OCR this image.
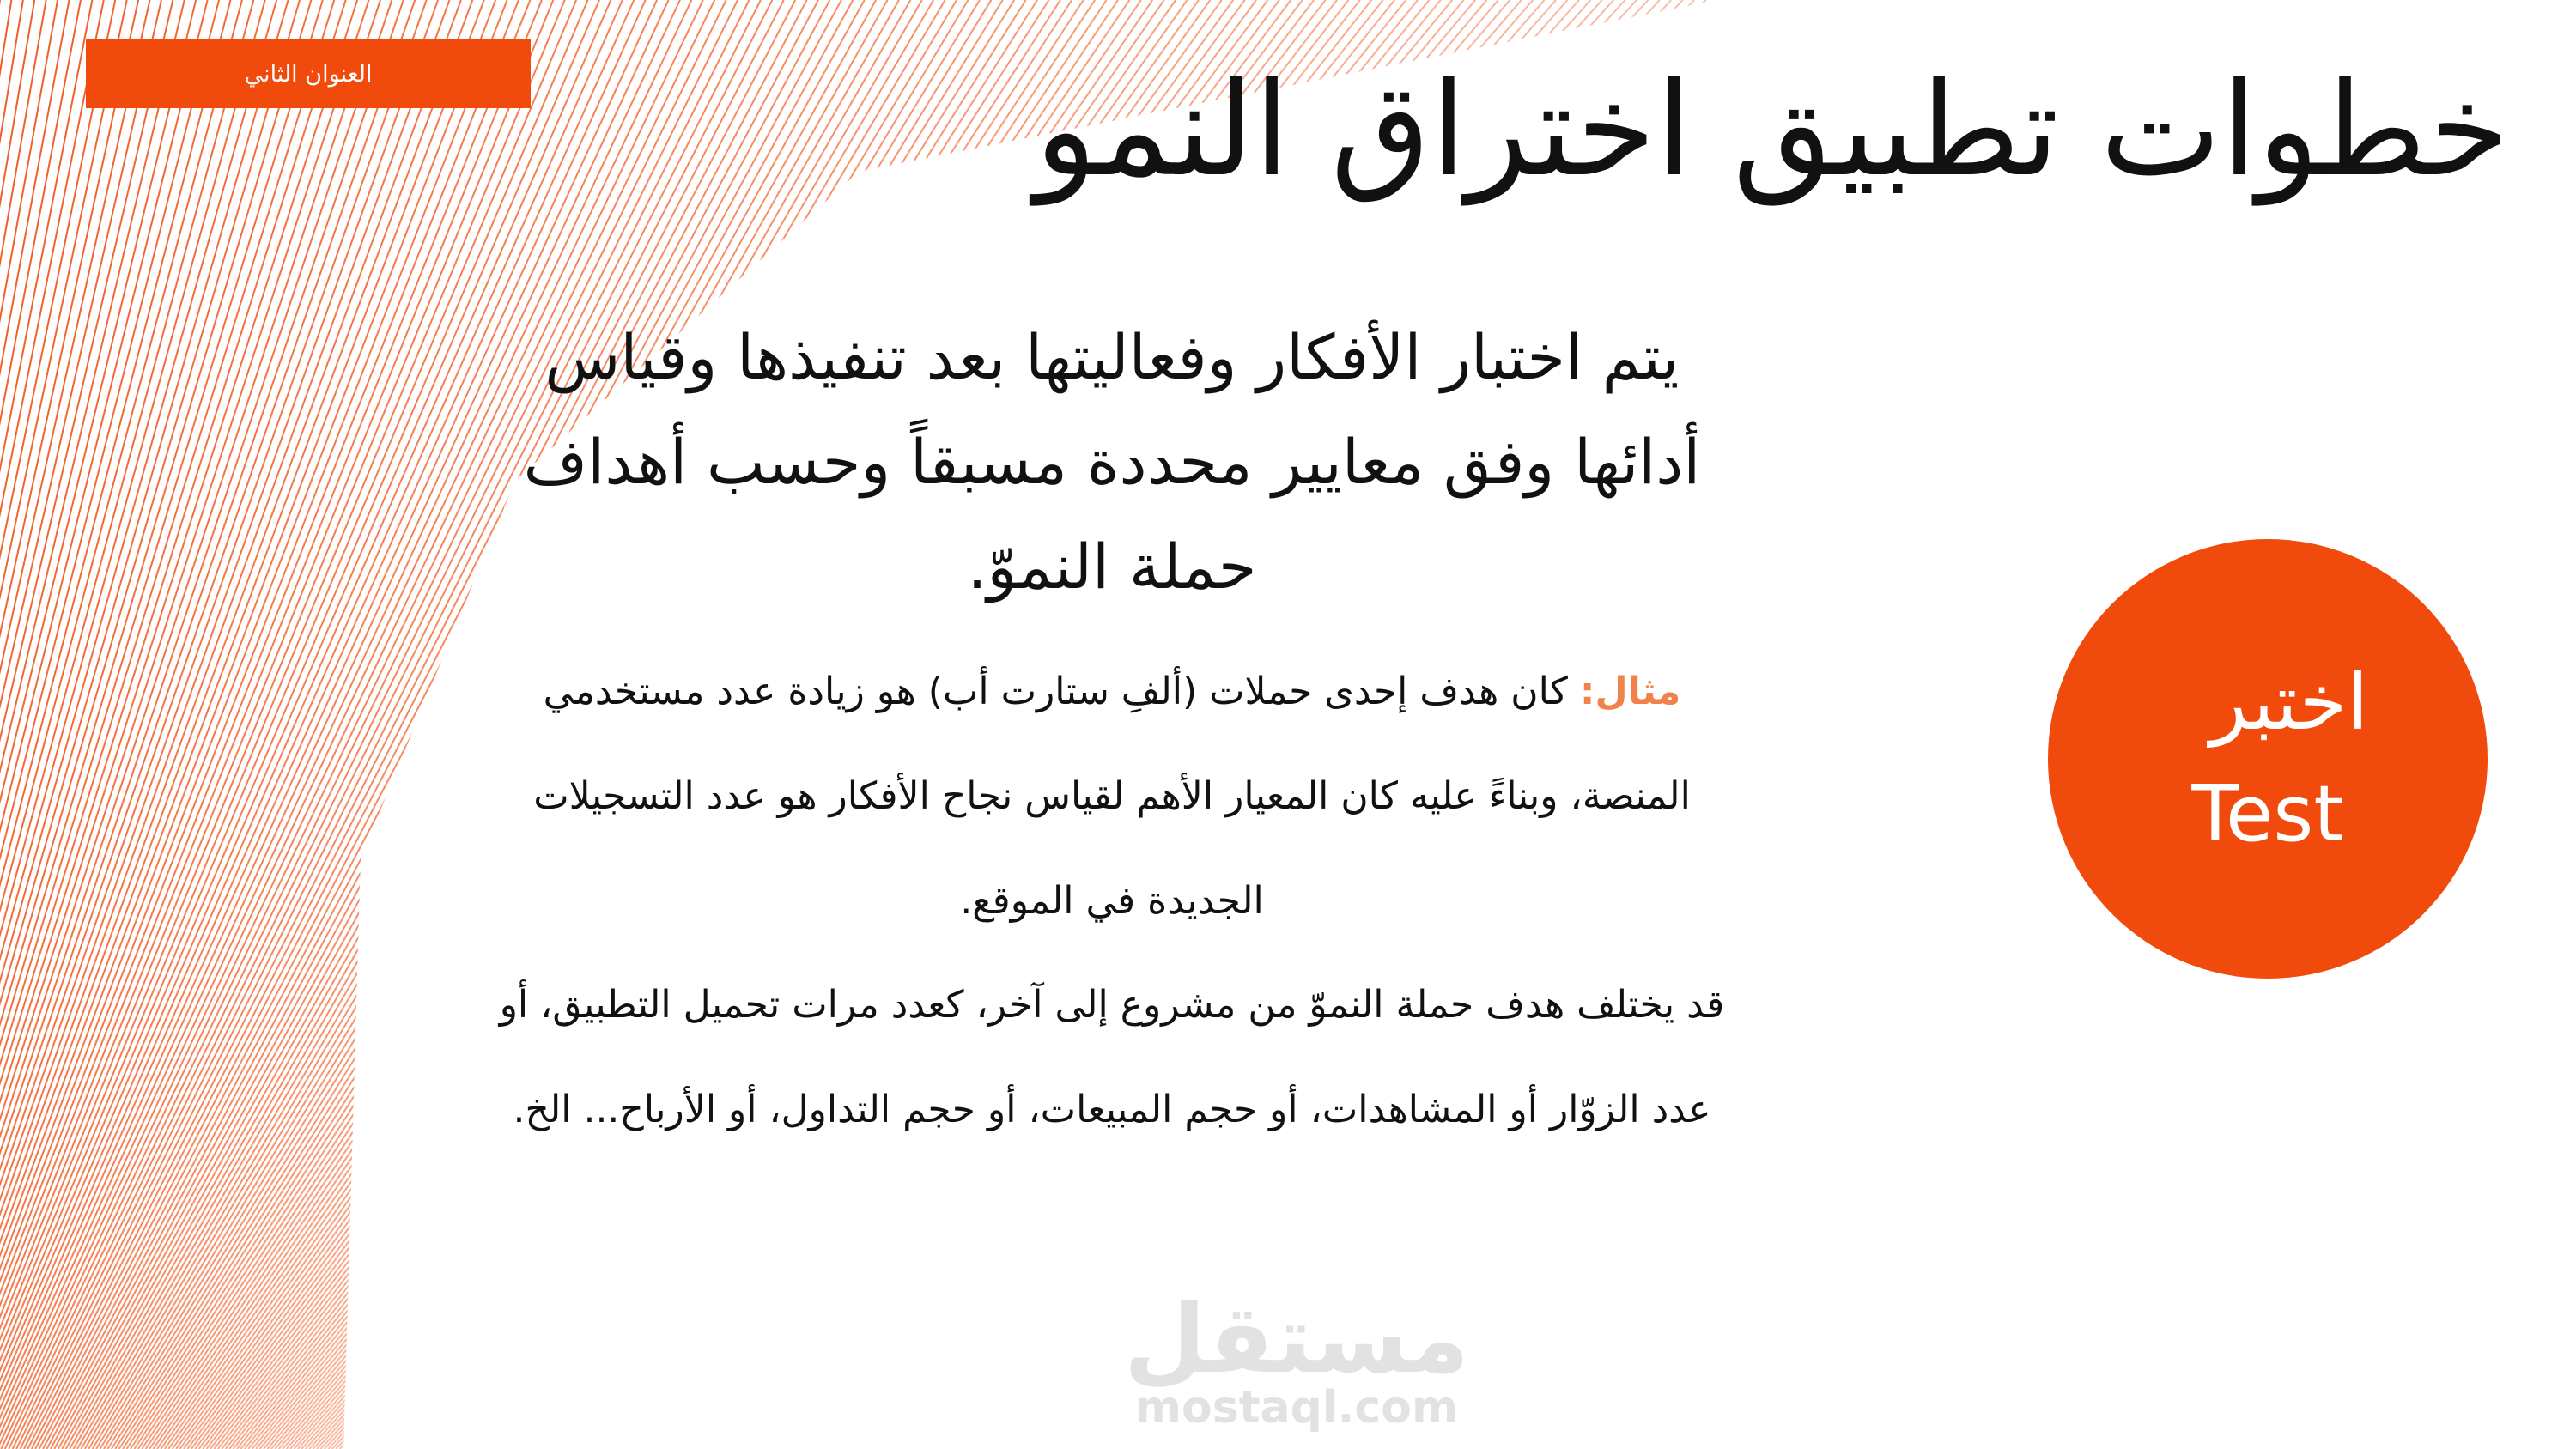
العنوان الثاني	خطوات تطبيق اختراق النمو

يتم اختبار الأفكار وفعاليتها بعد تنفيذها وقياس أدائها وفق معايير محددة مسبقاً وحسب أهداف حملة النموّ.

مثال: كان هدف إحدى حملات (ألفِ ستارت أب) هو زيادة عدد مستخدمي المنصة، وبناءً عليه كان المعيار الأهم لقياس نجاح الأفكار هو عدد التسجيلات الجديدة في الموقع.

قد يختلف هدف حملة النموّ من مشروع إلى آخر، كعدد مرات تحميل التطبيق، أو عدد الزوّار أو المشاهدات، أو حجم المبيعات، أو حجم التداول، أو الأرباح... الخ.

اختبر
Test
مستقل
mostaql.com
